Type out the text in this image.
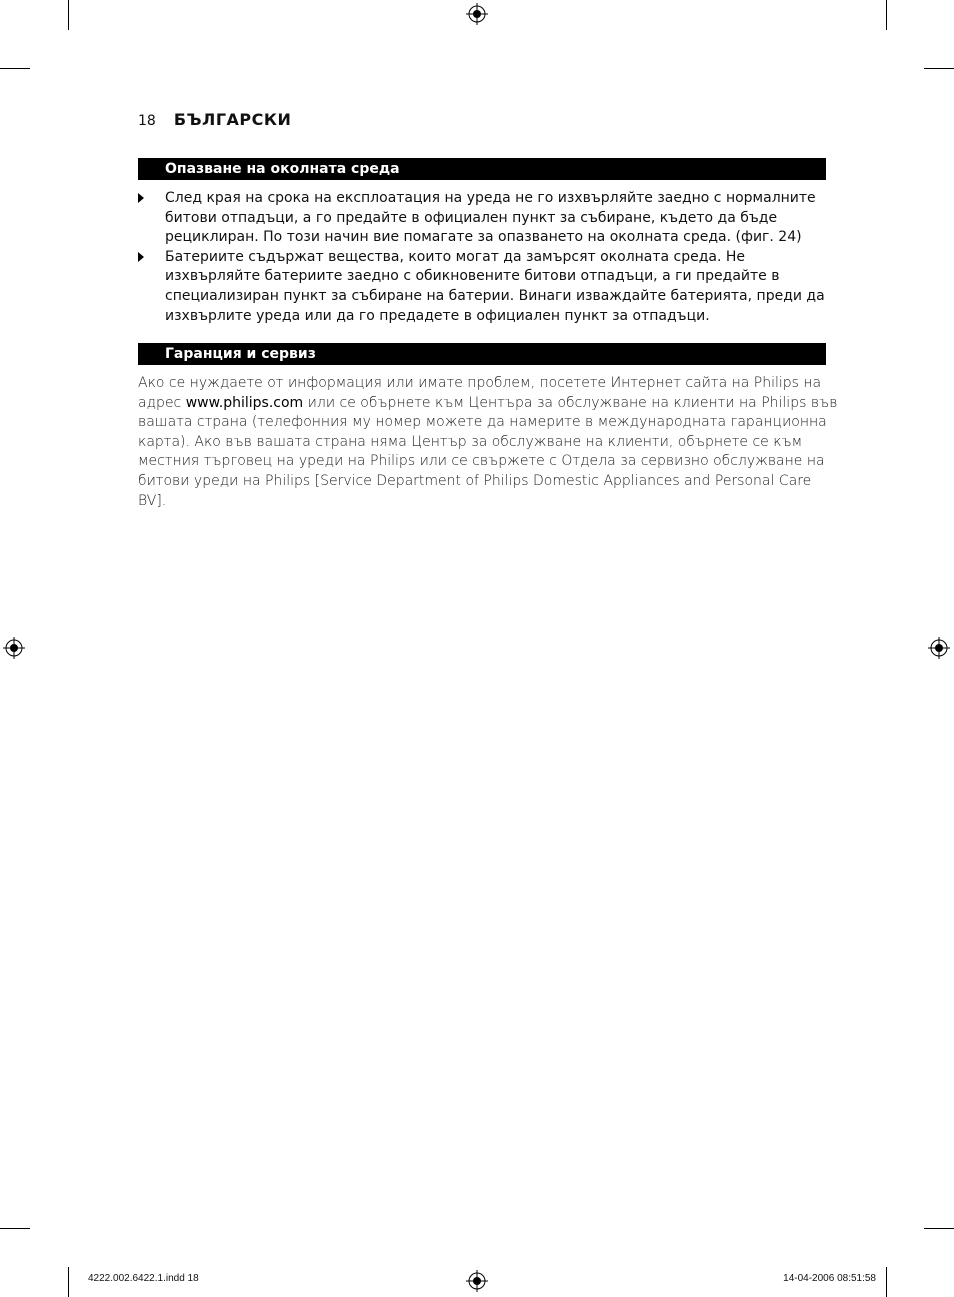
18 БЪЛГАРСКИ
Опазване на околната среда
След края на срока на експлоатация на уреда не го изхвърляйте заедно с нормалните битови отпадъци, а го предайте в официален пункт за събиране, където да бъде рециклиран. По този начин вие помагате за опазването на околната среда. (фиг. 24)
Батериите съдържат вещества, които могат да замърсят околната среда. Не изхвърляйте батериите заедно с обикновените битови отпадъци, а ги предайте в специализиран пункт за събиране на батерии. Винаги изваждайте батерията, преди да изхвърлите уреда или да го предадете в официален пункт за отпадъци.
Гаранция и сервиз

Ако се нуждаете от информация или имате проблем, посетете Интернет сайта на Philips на адрес www.philips.com или се обърнете към Центъра за обслужване на клиенти на Philips във вашата страна (телефонния му номер можете да намерите в международната гаранционна карта). Ако във вашата страна няма Център за обслужване на клиенти, обърнете се към местния търговец на уреди на Philips или се свържете с Отдела за сервизно обслужване на битови уреди на Philips [Service Department of Philips Domestic Appliances and Personal Care BV].

4222.002.6422.1.indd 18	14-04-2006 08:51:58
